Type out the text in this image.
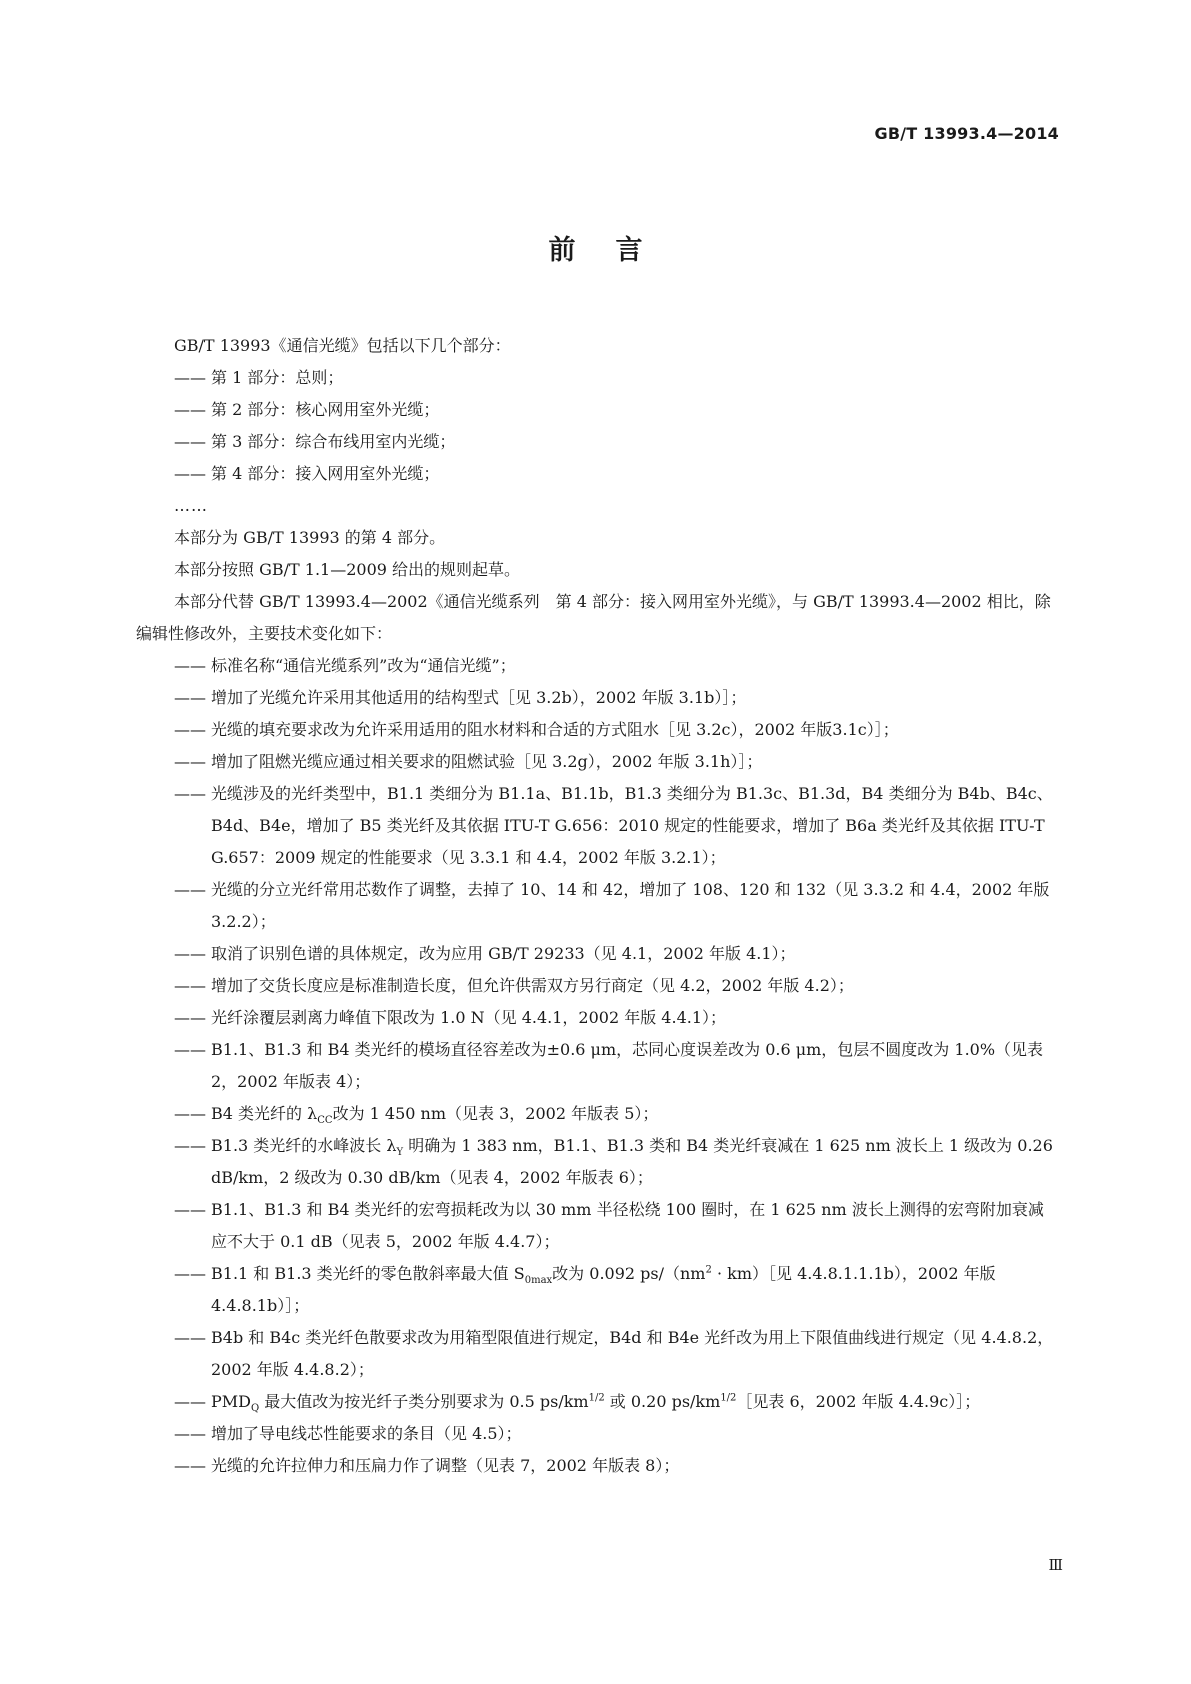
GB/T 13993.4—2014
前言

GB/T 13993《通信光缆》包括以下几个部分：

—— 第 1 部分：总则；

—— 第 2 部分：核心网用室外光缆；

—— 第 3 部分：综合布线用室内光缆；

—— 第 4 部分：接入网用室外光缆；

……

本部分为 GB/T 13993 的第 4 部分。

本部分按照 GB/T 1.1—2009 给出的规则起草。

本部分代替 GB/T 13993.4—2002《通信光缆系列　第 4 部分：接入网用室外光缆》，与 GB/T 13993.4—2002 相比，除编辑性修改外，主要技术变化如下：

—— 标准名称“通信光缆系列”改为“通信光缆”；

—— 增加了光缆允许采用其他适用的结构型式［见 3.2b），2002 年版 3.1b）］；

—— 光缆的填充要求改为允许采用适用的阻水材料和合适的方式阻水［见 3.2c），2002 年版3.1c）］；

—— 增加了阻燃光缆应通过相关要求的阻燃试验［见 3.2g），2002 年版 3.1h）］；

—— 光缆涉及的光纤类型中，B1.1 类细分为 B1.1a、B1.1b，B1.3 类细分为 B1.3c、B1.3d，B4 类细分为 B4b、B4c、B4d、B4e，增加了 B5 类光纤及其依据 ITU-T G.656：2010 规定的性能要求，增加了 B6a 类光纤及其依据 ITU-T G.657：2009 规定的性能要求（见 3.3.1 和 4.4，2002 年版 3.2.1）；

—— 光缆的分立光纤常用芯数作了调整，去掉了 10、14 和 42，增加了 108、120 和 132（见 3.3.2 和 4.4，2002 年版 3.2.2）；

—— 取消了识别色谱的具体规定，改为应用 GB/T 29233（见 4.1，2002 年版 4.1）；

—— 增加了交货长度应是标准制造长度，但允许供需双方另行商定（见 4.2，2002 年版 4.2）；

—— 光纤涂覆层剥离力峰值下限改为 1.0 N（见 4.4.1，2002 年版 4.4.1）；

—— B1.1、B1.3 和 B4 类光纤的模场直径容差改为±0.6 μm，芯同心度误差改为 0.6 μm，包层不圆度改为 1.0%（见表 2，2002 年版表 4）；

—— B4 类光纤的 $\lambda_{CC}$改为 1 450 nm（见表 3，2002 年版表 5）；

—— B1.3 类光纤的水峰波长 $\lambda_Y$ 明确为 1 383 nm，B1.1、B1.3 类和 B4 类光纤衰减在 1 625 nm 波长上 1 级改为 0.26 dB/km，2 级改为 0.30 dB/km（见表 4，2002 年版表 6）；

—— B1.1、B1.3 和 B4 类光纤的宏弯损耗改为以 30 mm 半径松绕 100 圈时，在 1 625 nm 波长上测得的宏弯附加衰减应不大于 0.1 dB（见表 5，2002 年版 4.4.7）；

—— B1.1 和 B1.3 类光纤的零色散斜率最大值 $S_{0max}$改为 0.092 $ps/(nm^2$ · km）［见 4.4.8.1.1.1b），2002 年版 4.4.8.1b）］；

—— B4b 和 B4c 类光纤色散要求改为用箱型限值进行规定，B4d 和 B4e 光纤改为用上下限值曲线进行规定（见 4.4.8.2，2002 年版 4.4.8.2）；

—— $PMD_Q$ 最大值改为按光纤子类分别要求为 0.5 $ps/km^{1/2}$ 或 0.20 $ps/km^{1/2}[$见表 6，2002 年版 4.4.9c）］；

—— 增加了导电线芯性能要求的条目（见 4.5）；

—— 光缆的允许拉伸力和压扁力作了调整（见表 7，2002 年版表 8）；

Ⅲ
